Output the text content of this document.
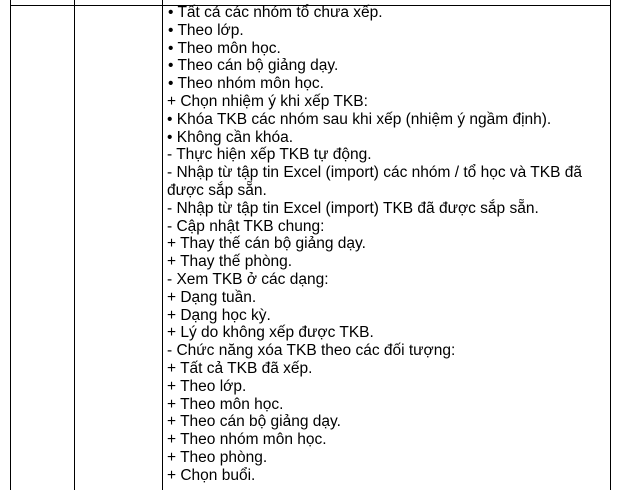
• Tất cả các nhóm tổ chưa xếp.
• Theo lớp.
• Theo môn học.
• Theo cán bộ giảng dạy.
• Theo nhóm môn học.
+ Chọn nhiệm ý khi xếp TKB:
• Khóa TKB các nhóm sau khi xếp (nhiệm ý ngầm định).
• Không cần khóa.
- Thực hiện xếp TKB tự động.
- Nhập từ tập tin Excel (import) các nhóm / tổ học và TKB đã được sắp sẵn.
- Nhập từ tập tin Excel (import) TKB đã được sắp sẵn.
- Cập nhật TKB chung:
+ Thay thế cán bộ giảng dạy.
+ Thay thế phòng.
- Xem TKB ở các dạng:
+ Dạng tuần.
+ Dạng học kỳ.
+ Lý do không xếp được TKB.
- Chức năng xóa TKB theo các đối tượng:
+ Tất cả TKB đã xếp.
+ Theo lớp.
+ Theo môn học.
+ Theo cán bộ giảng dạy.
+ Theo nhóm môn học.
+ Theo phòng.
+ Chọn buổi.
